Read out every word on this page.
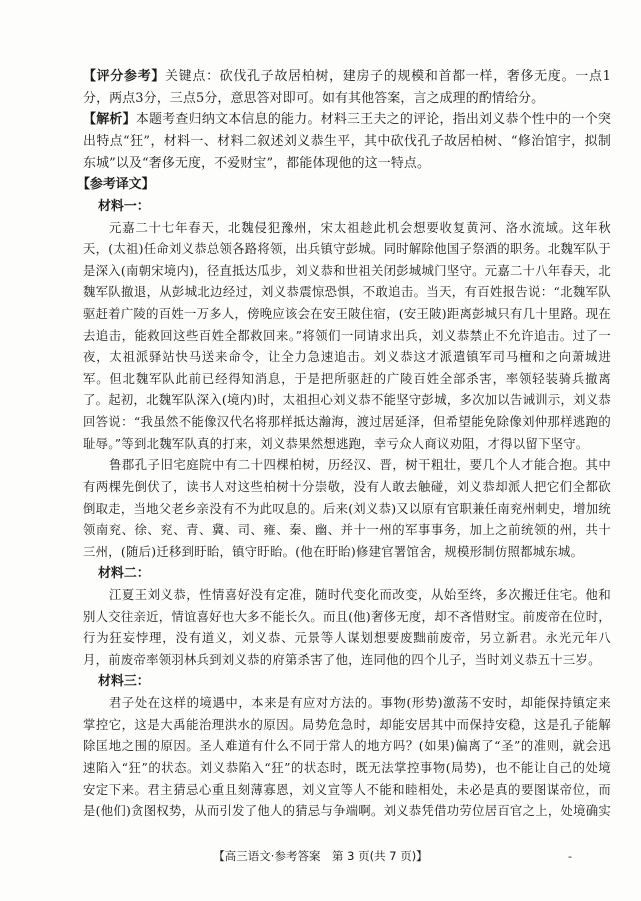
【评分参考】关键点：砍伐孔子故居柏树，建房子的规模和首都一样，奢侈无度。一点1分，两点3分，三点5分，意思答对即可。如有其他答案，言之成理的酌情给分。

【解析】本题考查归纳文本信息的能力。材料三王夫之的评论，指出刘义恭个性中的一个突出特点“狂”，材料一、材料二叙述刘义恭生平，其中砍伐孔子故居柏树、“修治馆宇，拟制东城”以及“奢侈无度，不爱财宝”，都能体现他的这一特点。

【参考译文】

材料一：

元嘉二十七年春天，北魏侵犯豫州，宋太祖趁此机会想要收复黄河、洛水流域。这年秋天，(太祖)任命刘义恭总领各路将领，出兵镇守彭城。同时解除他国子祭酒的职务。北魏军队于是深入(南朝宋境内)，径直抵达瓜步，刘义恭和世祖关闭彭城城门坚守。元嘉二十八年春天，北魏军队撤退，从彭城北边经过，刘义恭震惊恐惧，不敢追击。当天，有百姓报告说：“北魏军队驱赶着广陵的百姓一万多人，傍晚应该会在安王陂住宿，(安王陂)距离彭城只有几十里路。现在去追击，能救回这些百姓全都救回来。”将领们一同请求出兵，刘义恭禁止不允许追击。过了一夜，太祖派驿站快马送来命令，让全力急速追击。刘义恭这才派遣镇军司马檀和之向萧城进军。但北魏军队此前已经得知消息，于是把所驱赶的广陵百姓全部杀害，率领轻装骑兵撤离了。起初，北魏军队深入(境内)时，太祖担心刘义恭不能坚守彭城，多次加以告诫训示，刘义恭回答说：“我虽然不能像汉代名将那样抵达瀚海，渡过居延泽，但希望能免除像刘仲那样逃跑的耻辱。”等到北魏军队真的打来，刘义恭果然想逃跑，幸亏众人商议劝阻，才得以留下坚守。

鲁郡孔子旧宅庭院中有二十四棵柏树，历经汉、晋，树干粗壮，要几个人才能合抱。其中有两棵先倒伏了，读书人对这些柏树十分崇敬，没有人敢去触碰，刘义恭却派人把它们全都砍倒取走，当地父老乡亲没有不为此叹息的。后来(刘义恭)又以原有官职兼任南兖州刺史，增加统领南兖、徐、兖、青、冀、司、雍、秦、幽、并十一州的军事事务，加上之前统领的州，共十三州，(随后)迁移到盱眙，镇守盱眙。(他在盱眙)修建官署馆舍，规模形制仿照都城东城。

材料二：

江夏王刘义恭，性情喜好没有定准，随时代变化而改变，从始至终，多次搬迁住宅。他和别人交往亲近，情谊喜好也大多不能长久。而且(他)奢侈无度，却不吝惜财宝。前废帝在位时，行为狂妄悖理，没有道义，刘义恭、元景等人谋划想要废黜前废帝，另立新君。永光元年八月，前废帝率领羽林兵到刘义恭的府第杀害了他，连同他的四个儿子，当时刘义恭五十三岁。

材料三：

君子处在这样的境遇中，本来是有应对方法的。事物(形势)激荡不安时，却能保持镇定来掌控它，这是大禹能治理洪水的原因。局势危急时，却能安居其中而保持安稳，这是孔子能解除匡地之围的原因。圣人难道有什么不同于常人的地方吗？(如果)偏离了“圣”的准则，就会迅速陷入“狂”的状态。刘义恭陷入“狂”的状态时，既无法掌控事物(局势)，也不能让自己的处境安定下来。君主猜忌心重且刻薄寡恩，刘义宣等人不能和睦相处，未必是真的要图谋帝位，而是(他们)贪图权势，从而引发了他人的猜忌与争端啊。刘义恭凭借功劳位居百官之上，处境确实

【高三语文·参考答案　第 3 页(共 7 页)】	-
